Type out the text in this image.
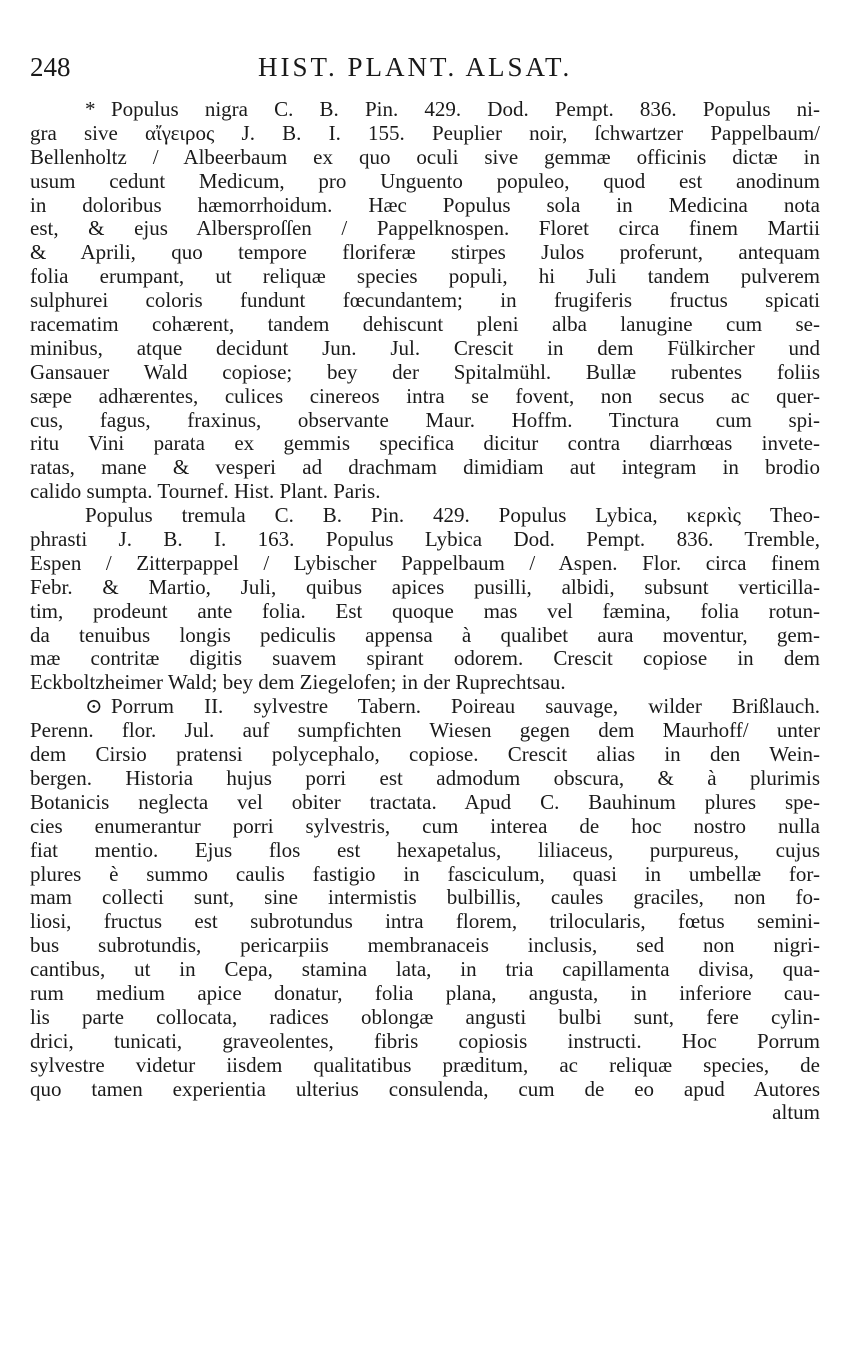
248	HIST. PLANT. ALSAT.
* Populus nigra C. B. Pin. 429. Dod. Pempt. 836. Populus ni-
gra sive αἴγειρος J. B. I. 155. Peuplier noir, ſchwartzer Pappelbaum/
Bellenholtz / Albeerbaum ex quo oculi sive gemmæ officinis dictæ in
usum cedunt Medicum, pro Unguento populeo, quod est anodinum
in doloribus hæmorrhoidum. Hæc Populus sola in Medicina nota
est, & ejus Albersproſſen / Pappelknospen. Floret circa finem Martii
& Aprili, quo tempore floriferæ stirpes Julos proferunt, antequam
folia erumpant, ut reliquæ species populi, hi Juli tandem pulverem
sulphurei coloris fundunt fœcundantem; in frugiferis fructus spicati
racematim cohærent, tandem dehiscunt pleni alba lanugine cum se-
minibus, atque decidunt Jun. Jul. Crescit in dem Fülkircher und
Gansauer Wald copiose; bey der Spitalmühl. Bullæ rubentes foliis
sæpe adhærentes, culices cinereos intra se fovent, non secus ac quer-
cus, fagus, fraxinus, observante Maur. Hoffm. Tinctura cum spi-
ritu Vini parata ex gemmis specifica dicitur contra diarrhœas invete-
ratas, mane & vesperi ad drachmam dimidiam aut integram in brodio
calido sumpta. Tournef. Hist. Plant. Paris.
Populus tremula C. B. Pin. 429. Populus Lybica, κερκὶς Theo-
phrasti J. B. I. 163. Populus Lybica Dod. Pempt. 836. Tremble,
Espen / Zitterpappel / Lybischer Pappelbaum / Aspen. Flor. circa finem
Febr. & Martio, Juli, quibus apices pusilli, albidi, subsunt verticilla-
tim, prodeunt ante folia. Est quoque mas vel fæmina, folia rotun-
da tenuibus longis pediculis appensa à qualibet aura moventur, gem-
mæ contritæ digitis suavem spirant odorem. Crescit copiose in dem
Eckboltzheimer Wald; bey dem Ziegelofen; in der Ruprechtsau.
⊙ Porrum II. sylvestre Tabern. Poireau sauvage, wilder Brißlauch.
Perenn. flor. Jul. auf sumpfichten Wiesen gegen dem Maurhoff/ unter
dem Cirsio pratensi polycephalo, copiose. Crescit alias in den Wein-
bergen. Historia hujus porri est admodum obscura, & à plurimis
Botanicis neglecta vel obiter tractata. Apud C. Bauhinum plures spe-
cies enumerantur porri sylvestris, cum interea de hoc nostro nulla
fiat mentio. Ejus flos est hexapetalus, liliaceus, purpureus, cujus
plures è summo caulis fastigio in fasciculum, quasi in umbellæ for-
mam collecti sunt, sine intermistis bulbillis, caules graciles, non fo-
liosi, fructus est subrotundus intra florem, trilocularis, fœtus semini-
bus subrotundis, pericarpiis membranaceis inclusis, sed non nigri-
cantibus, ut in Cepa, stamina lata, in tria capillamenta divisa, qua-
rum medium apice donatur, folia plana, angusta, in inferiore cau-
lis parte collocata, radices oblongæ angusti bulbi sunt, fere cylin-
drici, tunicati, graveolentes, fibris copiosis instructi. Hoc Porrum
sylvestre videtur iisdem qualitatibus præditum, ac reliquæ species, de
quo tamen experientia ulterius consulenda, cum de eo apud Autores
altum
